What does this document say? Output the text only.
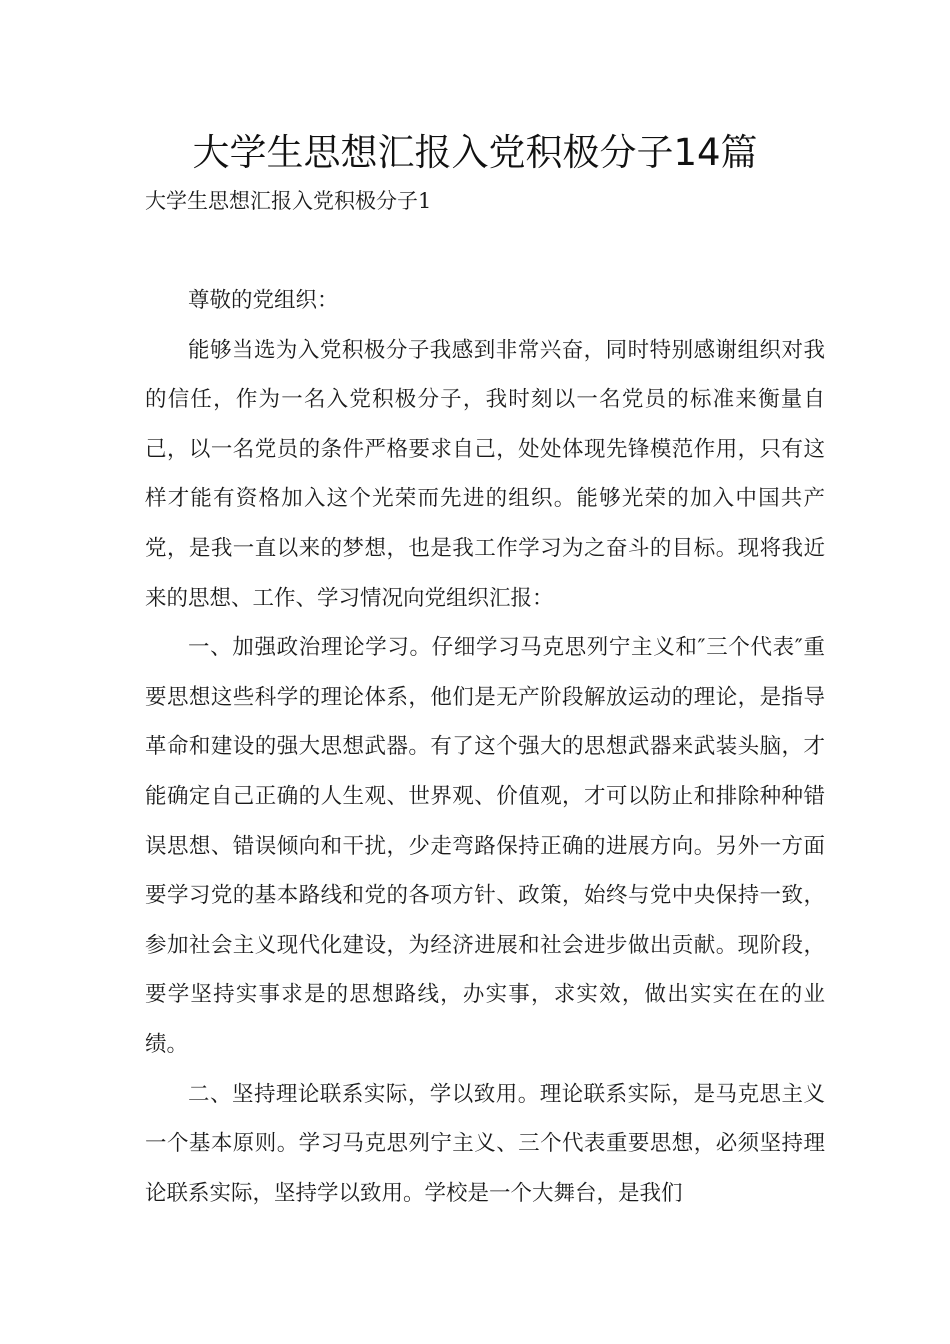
大学生思想汇报入党积极分子14篇

大学生思想汇报入党积极分子1

尊敬的党组织：

能够当选为入党积极分子我感到非常兴奋，同时特别感谢组织对我的信任，作为一名入党积极分子，我时刻以一名党员的标准来衡量自己，以一名党员的条件严格要求自己，处处体现先锋模范作用，只有这样才能有资格加入这个光荣而先进的组织。能够光荣的加入中国共产党，是我一直以来的梦想，也是我工作学习为之奋斗的目标。现将我近来的思想、工作、学习情况向党组织汇报：

一、加强政治理论学习。仔细学习马克思列宁主义和″三个代表″重要思想这些科学的理论体系，他们是无产阶段解放运动的理论，是指导革命和建设的强大思想武器。有了这个强大的思想武器来武装头脑，才能确定自己正确的人生观、世界观、价值观，才可以防止和排除种种错误思想、错误倾向和干扰，少走弯路保持正确的进展方向。另外一方面要学习党的基本路线和党的各项方针、政策，始终与党中央保持一致，参加社会主义现代化建设，为经济进展和社会进步做出贡献。现阶段，要学坚持实事求是的思想路线，办实事，求实效，做出实实在在的业绩。

二、坚持理论联系实际，学以致用。理论联系实际，是马克思主义一个基本原则。学习马克思列宁主义、三个代表重要思想，必须坚持理论联系实际，坚持学以致用。学校是一个大舞台，是我们
